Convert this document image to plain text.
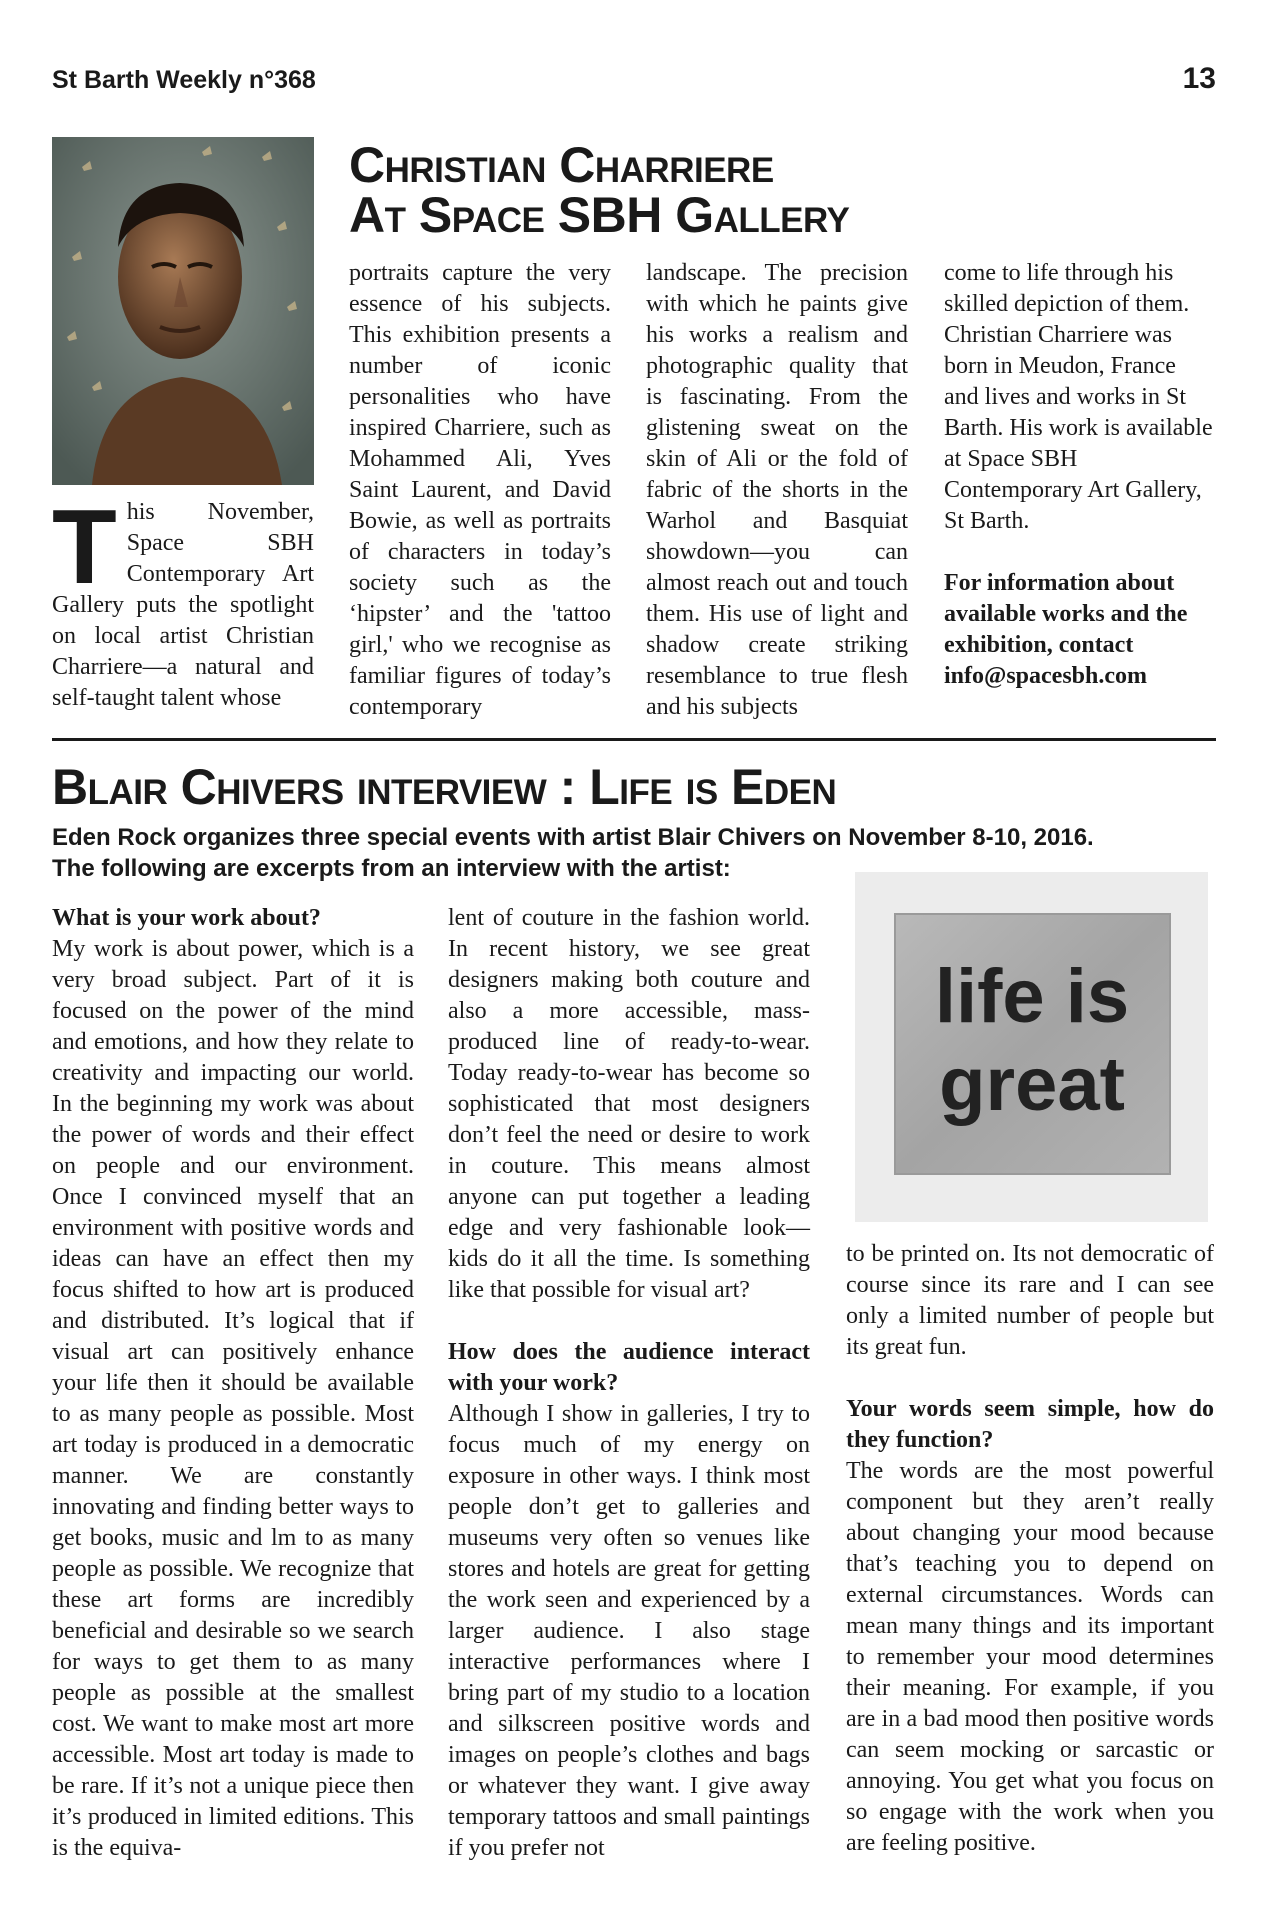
St Barth Weekly n°368	13
Christian Charriere
At Space SBH Gallery
T his November, Space SBH Contemporary Art Gallery puts the spotlight on local artist Christian Charriere—a natural and self-taught talent whose

portraits capture the very essence of his subjects. This exhibition presents a number of iconic personalities who have inspired Charriere, such as Mohammed Ali, Yves Saint Laurent, and David Bowie, as well as portraits of characters in today’s society such as the ‘hipster’ and the 'tattoo girl,' who we recognise as familiar figures of today’s contemporary

landscape. The precision with which he paints give his works a realism and photographic quality that is fascinating. From the glistening sweat on the skin of Ali or the fold of fabric of the shorts in the Warhol and Basquiat showdown—you can almost reach out and touch them. His use of light and shadow create striking resemblance to true flesh and his subjects

come to life through his skilled depiction of them. Christian Charriere was born in Meudon, France and lives and works in St Barth. His work is available at Space SBH Contemporary Art Gallery, St Barth.

For information about available works and the exhibition, contact info@spacesbh.com

Blair Chivers interview : Life is Eden
Eden Rock organizes three special events with artist Blair Chivers on November 8-10, 2016.
The following are excerpts from an interview with the artist:

What is your work about?

My work is about power, which is a very broad subject. Part of it is focused on the power of the mind and emotions, and how they relate to creativity and impacting our world. In the beginning my work was about the power of words and their effect on people and our environment. Once I convinced myself that an environment with positive words and ideas can have an effect then my focus shifted to how art is produced and distributed. It’s logical that if visual art can positively enhance your life then it should be available to as many people as possible. Most art today is produced in a democratic manner. We are constantly innovating and finding better ways to get books, music and lm to as many people as possible. We recognize that these art forms are incredibly beneficial and desirable so we search for ways to get them to as many people as possible at the smallest cost. We want to make most art more accessible. Most art today is made to be rare. If it’s not a unique piece then it’s produced in limited editions. This is the equiva-

lent of couture in the fashion world. In recent history, we see great designers making both couture and also a more accessible, mass-produced line of ready-to-wear. Today ready-to-wear has become so sophisticated that most designers don’t feel the need or desire to work in couture. This means almost anyone can put together a leading edge and very fashionable look— kids do it all the time. Is something like that possible for visual art?

How does the audience interact with your work?

Although I show in galleries, I try to focus much of my energy on exposure in other ways. I think most people don’t get to galleries and museums very often so venues like stores and hotels are great for getting the work seen and experienced by a larger audience. I also stage interactive performances where I bring part of my studio to a location and silkscreen positive words and images on people’s clothes and bags or whatever they want. I give away temporary tattoos and small paintings if you prefer not

life is
great

to be printed on. Its not democratic of course since its rare and I can see only a limited number of people but its great fun.

Your words seem simple, how do they function?

The words are the most powerful component but they aren’t really about changing your mood because that’s teaching you to depend on external circumstances. Words can mean many things and its important to remember your mood determines their meaning. For example, if you are in a bad mood then positive words can seem mocking or sarcastic or annoying. You get what you focus on so engage with the work when you are feeling positive.
